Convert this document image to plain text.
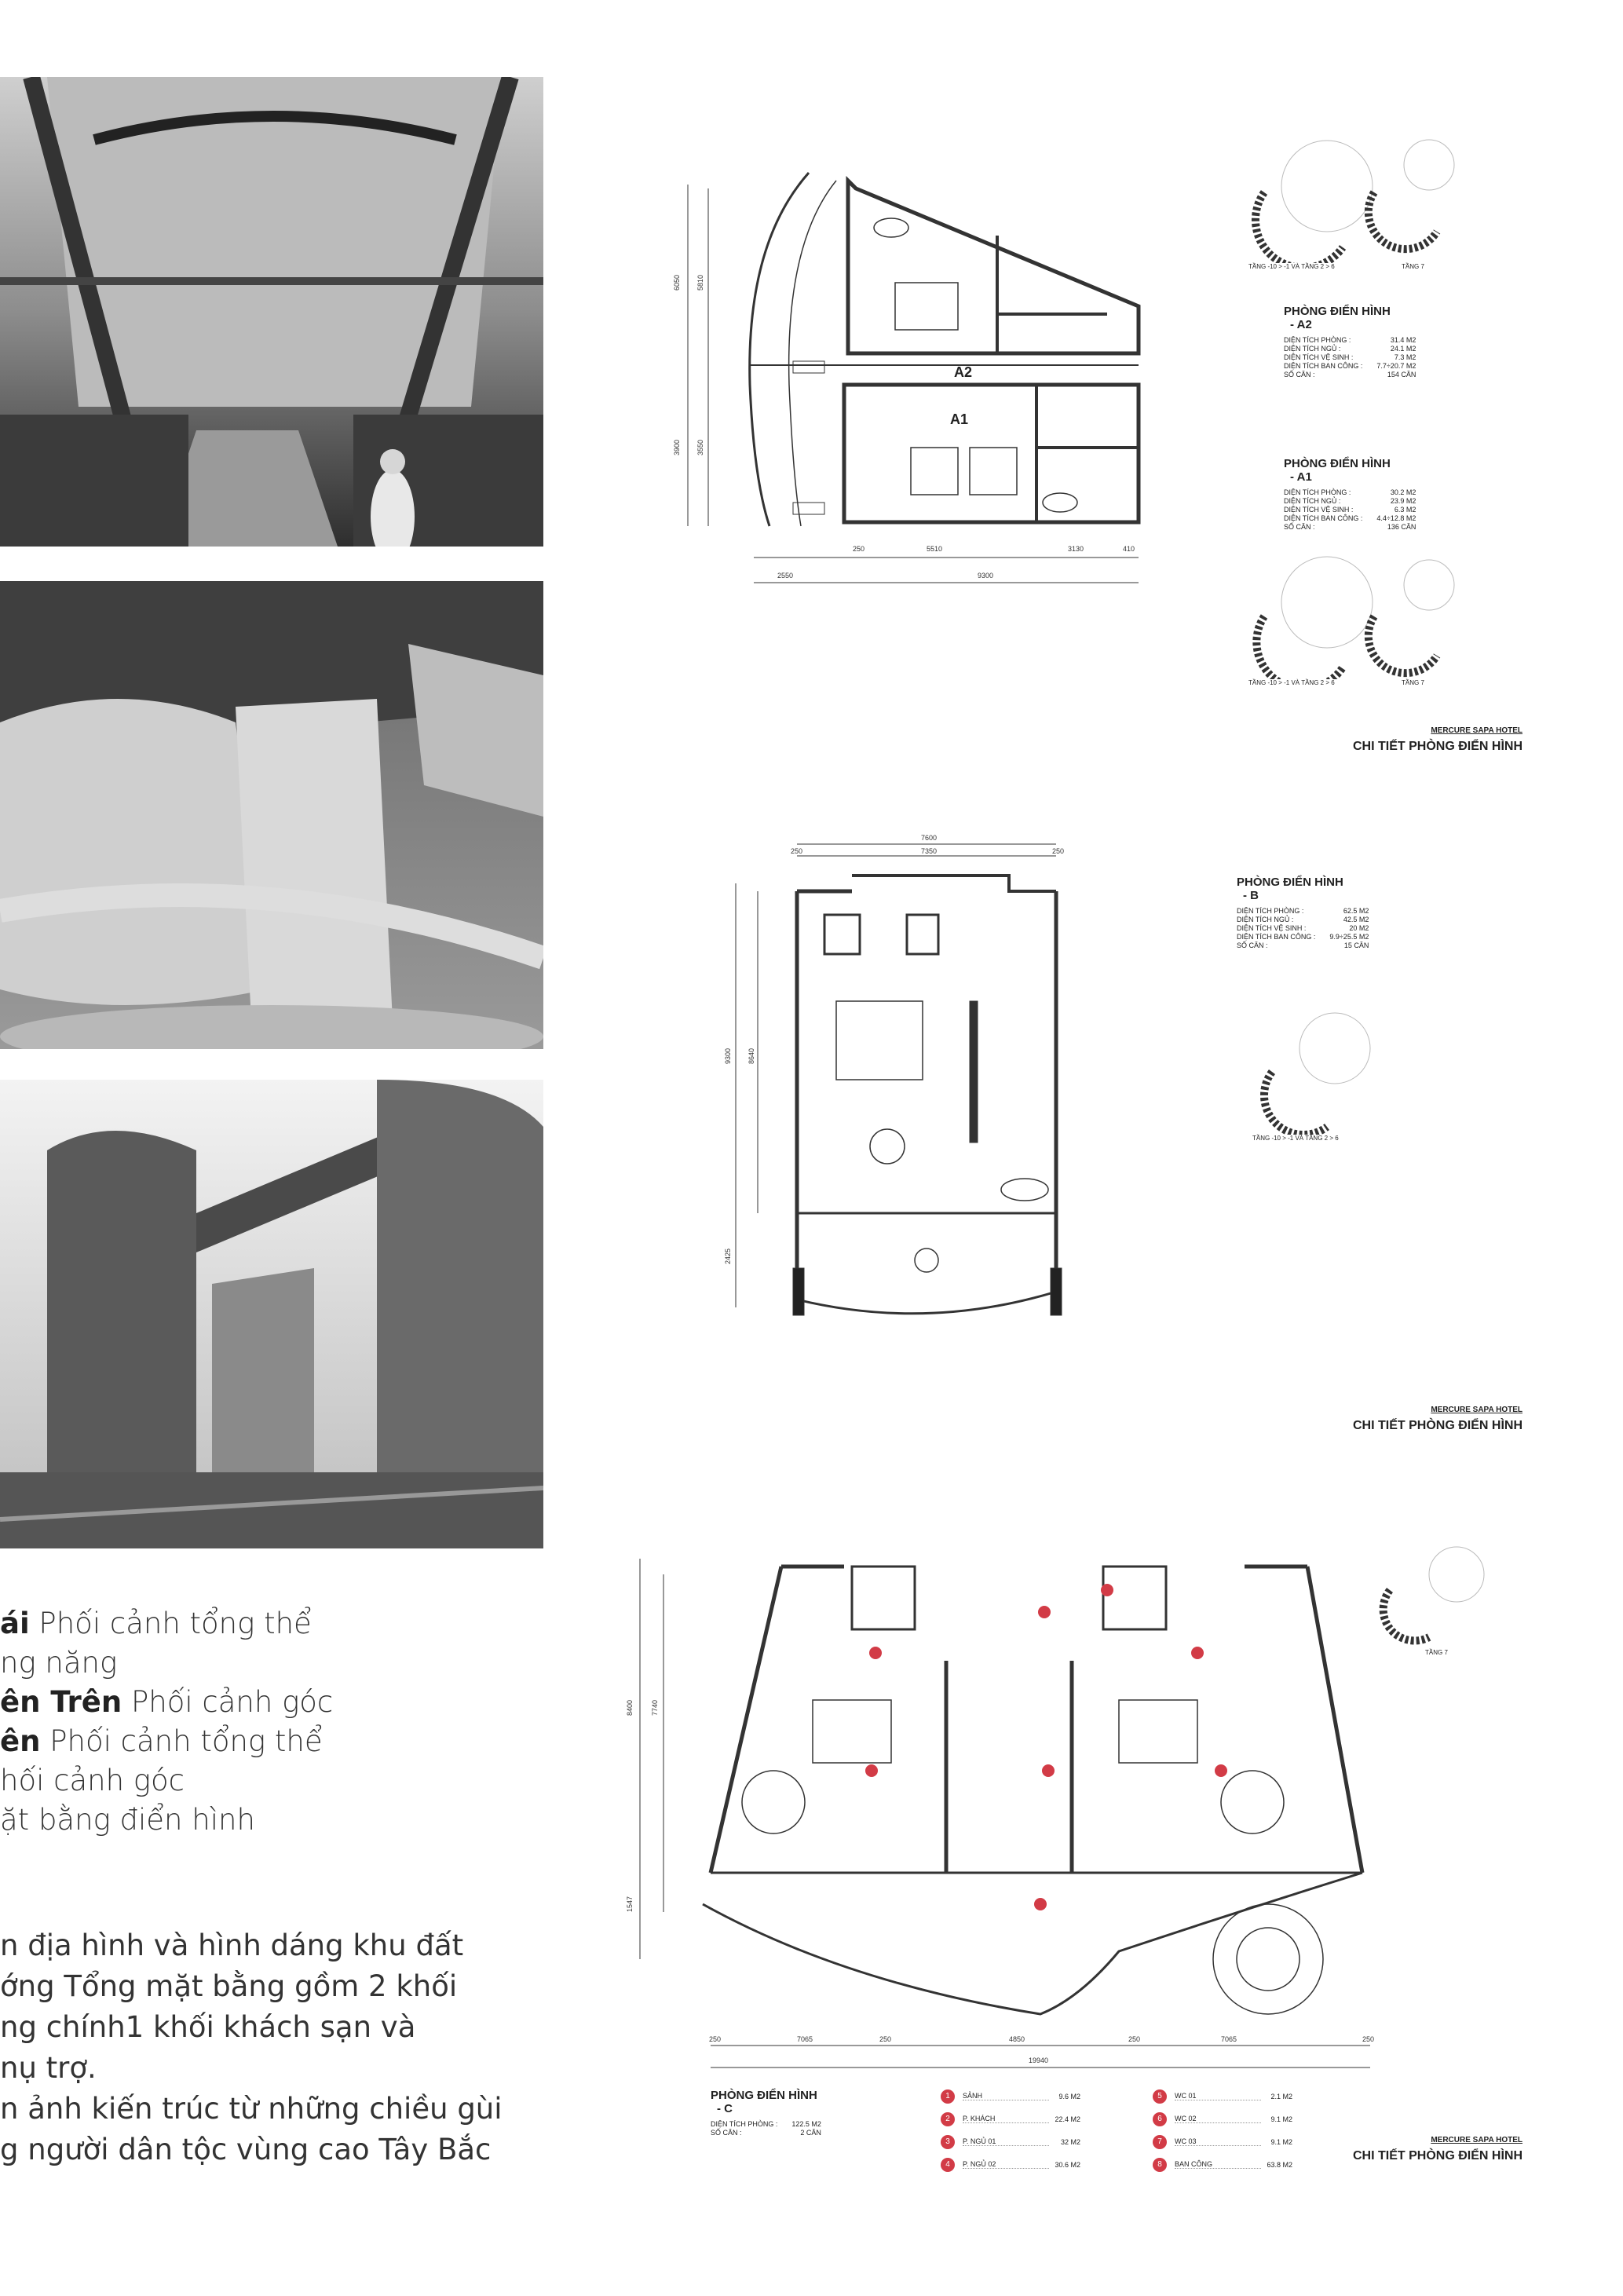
ái Phối cảnh tổng thể
ng năng
ên Trên Phối cảnh góc
ên Phối cảnh tổng thể
hối cảnh góc
ặt bằng điển hình
n địa hình và hình dáng khu đất
ớng Tổng mặt bằng gồm 2 khối
ng chính1 khối khách sạn và
nụ trợ.
n ảnh kiến trúc từ những chiều gùi
g người dân tộc vùng cao Tây Bắc
A2
A1
250	5510	3130	410
2550	9300
6050 5810
3900 3550
TẦNG -10 > -1 VÀ TẦNG 2 > 6	TẦNG 7
PHÒNG ĐIỂN HÌNH
- A2
DIỆN TÍCH PHÒNG :	31.4 M2
DIỆN TÍCH NGỦ :	24.1 M2
DIỆN TÍCH VỆ SINH :	7.3 M2
DIỆN TÍCH BAN CÔNG :	7.7÷20.7 M2
SỐ CĂN :	154 CĂN
PHÒNG ĐIỂN HÌNH
- A1
DIỆN TÍCH PHÒNG :	30.2 M2
DIỆN TÍCH NGỦ :	23.9 M2
DIỆN TÍCH VỆ SINH :	6.3 M2
DIỆN TÍCH BAN CÔNG :	4.4÷12.8 M2
SỐ CĂN :	136 CĂN
TẦNG -10 > -1 VÀ TẦNG 2 > 6	TẦNG 7
MERCURE SAPA HOTEL
CHI TIẾT PHÒNG ĐIỂN HÌNH
7600
250	7350	250
9300 8640
2425
PHÒNG ĐIỂN HÌNH
- B
DIỆN TÍCH PHÒNG :	62.5 M2
DIỆN TÍCH NGỦ :	42.5 M2
DIỆN TÍCH VỆ SINH :	20 M2
DIỆN TÍCH BAN CÔNG :	9.9÷25.5 M2
SỐ CĂN :	15 CĂN
TẦNG -10 > -1 VÀ TẦNG 2 > 6
MERCURE SAPA HOTEL
CHI TIẾT PHÒNG ĐIỂN HÌNH
250	7065	250	4850	250	7065	250
19940
8400 7740
1547
TẦNG 7
PHÒNG ĐIỂN HÌNH
- C
DIỆN TÍCH PHÒNG :	122.5 M2
SỐ CĂN :	2 CĂN
1	SẢNH	9.6 M2
2	P. KHÁCH	22.4 M2
3	P. NGỦ 01	32 M2
4	P. NGỦ 02	30.6 M2
5	WC 01	2.1 M2
6	WC 02	9.1 M2
7	WC 03	9.1 M2
8	BAN CÔNG	63.8 M2
MERCURE SAPA HOTEL
CHI TIẾT PHÒNG ĐIỂN HÌNH
